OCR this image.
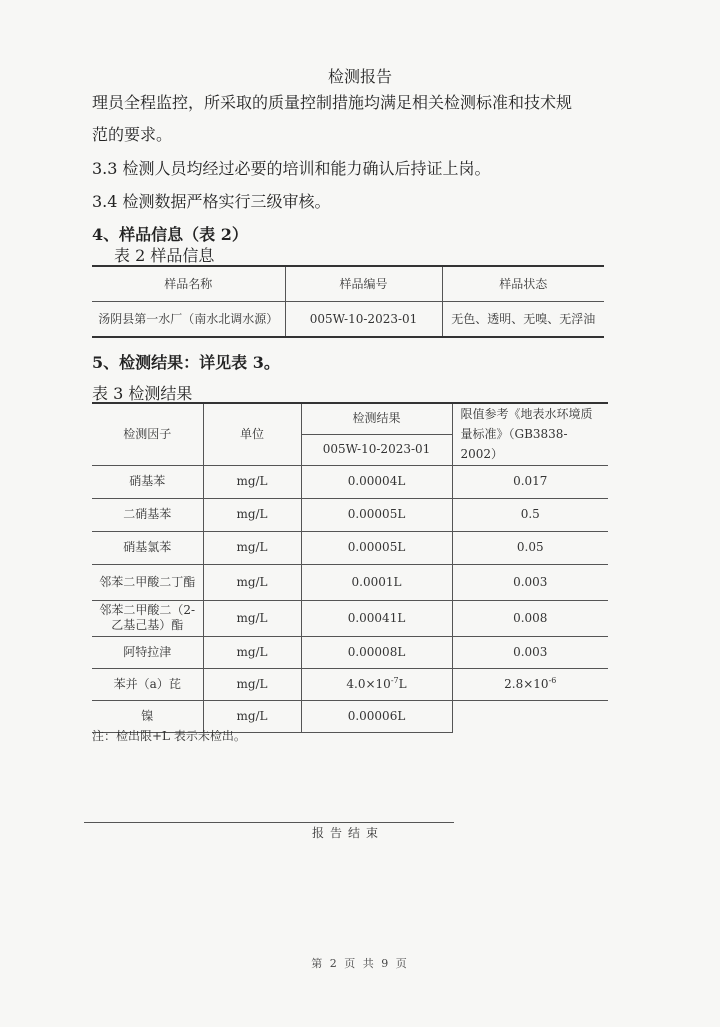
检测报告
理员全程监控，所采取的质量控制措施均满足相关检测标准和技术规
范的要求。
3.3 检测人员均经过必要的培训和能力确认后持证上岗。
3.4 检测数据严格实行三级审核。
4、样品信息（表 2）
表 2 样品信息
样品名称	样品编号	样品状态
汤阴县第一水厂（南水北调水源）	005W-10-2023-01	无色、透明、无嗅、无浮油
5、检测结果：详见表 3。
表 3 检测结果
检测因子	单位	检测结果	限值参考《地表水环境质量标准》（GB3838-2002）
		005W-10-2023-01	
硝基苯	mg/L	0.00004L	0.017
二硝基苯	mg/L	0.00005L	0.5
硝基氯苯	mg/L	0.00005L	0.05
邻苯二甲酸二丁酯	mg/L	0.0001L	0.003
邻苯二甲酸二（2-乙基己基）酯	mg/L	0.00041L	0.008
阿特拉津	mg/L	0.00008L	0.003
苯并（a）芘	mg/L	$4.0\times 10^{-7}L$	$2.8\times 10^{-6}$
镍	mg/L	0.00006L	
注：检出限+L 表示未检出。
报告结束
第 2 页 共 9 页
